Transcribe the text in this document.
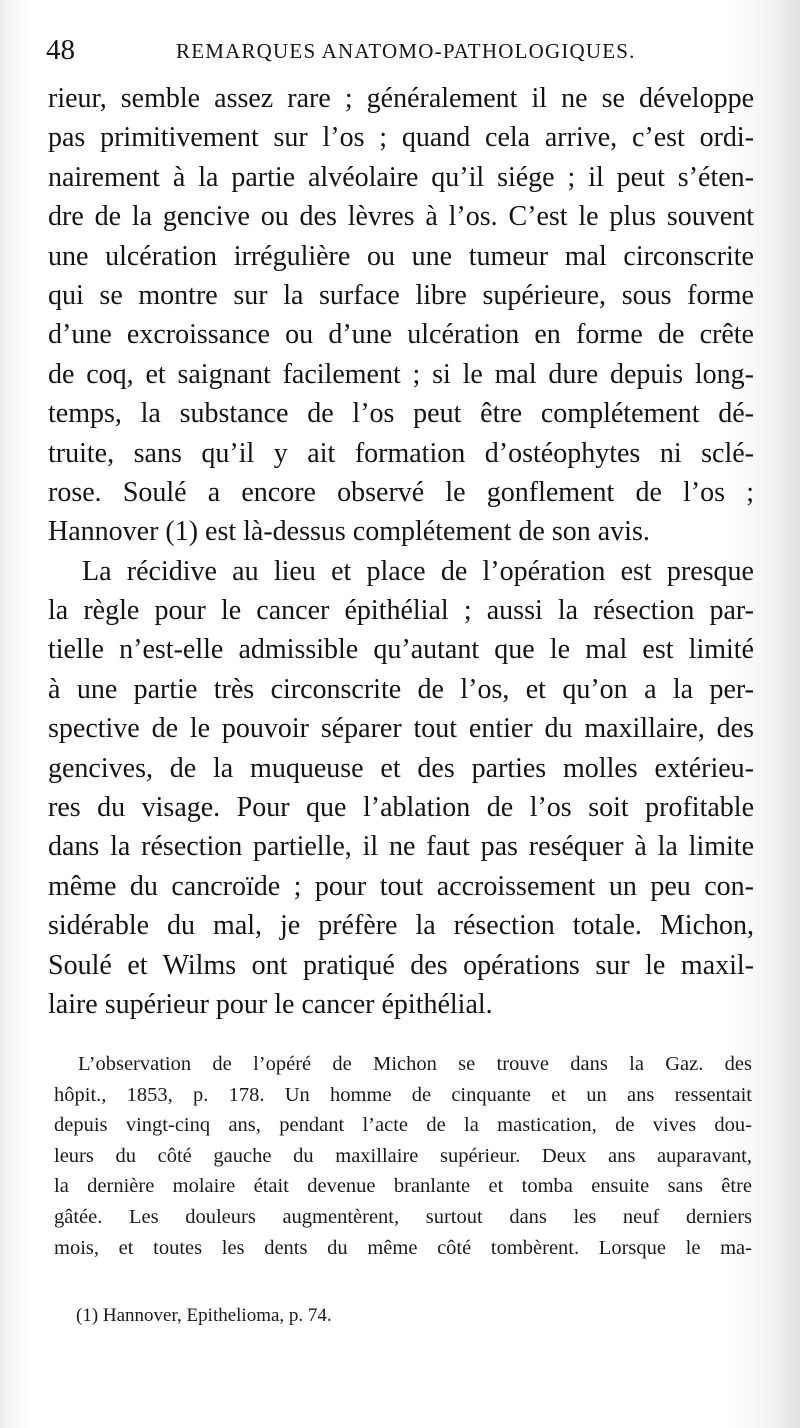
48	REMARQUES ANATOMO-PATHOLOGIQUES.
rieur, semble assez rare ; généralement il ne se développe
pas primitivement sur l’os ; quand cela arrive, c’est ordi-
nairement à la partie alvéolaire qu’il siége ; il peut s’éten-
dre de la gencive ou des lèvres à l’os. C’est le plus souvent
une ulcération irrégulière ou une tumeur mal circonscrite
qui se montre sur la surface libre supérieure, sous forme
d’une excroissance ou d’une ulcération en forme de crête
de coq, et saignant facilement ; si le mal dure depuis long-
temps, la substance de l’os peut être complétement dé-
truite, sans qu’il y ait formation d’ostéophytes ni sclé-
rose. Soulé a encore observé le gonflement de l’os ;
Hannover (1) est là-dessus complétement de son avis.
La récidive au lieu et place de l’opération est presque
la règle pour le cancer épithélial ; aussi la résection par-
tielle n’est-elle admissible qu’autant que le mal est limité
à une partie très circonscrite de l’os, et qu’on a la per-
spective de le pouvoir séparer tout entier du maxillaire, des
gencives, de la muqueuse et des parties molles extérieu-
res du visage. Pour que l’ablation de l’os soit profitable
dans la résection partielle, il ne faut pas reséquer à la limite
même du cancroïde ; pour tout accroissement un peu con-
sidérable du mal, je préfère la résection totale. Michon,
Soulé et Wilms ont pratiqué des opérations sur le maxil-
laire supérieur pour le cancer épithélial.
L’observation de l’opéré de Michon se trouve dans la Gaz. des
hôpit., 1853, p. 178. Un homme de cinquante et un ans ressentait
depuis vingt-cinq ans, pendant l’acte de la mastication, de vives dou-
leurs du côté gauche du maxillaire supérieur. Deux ans auparavant,
la dernière molaire était devenue branlante et tomba ensuite sans être
gâtée. Les douleurs augmentèrent, surtout dans les neuf derniers
mois, et toutes les dents du même côté tombèrent. Lorsque le ma-
(1) Hannover, Epithelioma, p. 74.
